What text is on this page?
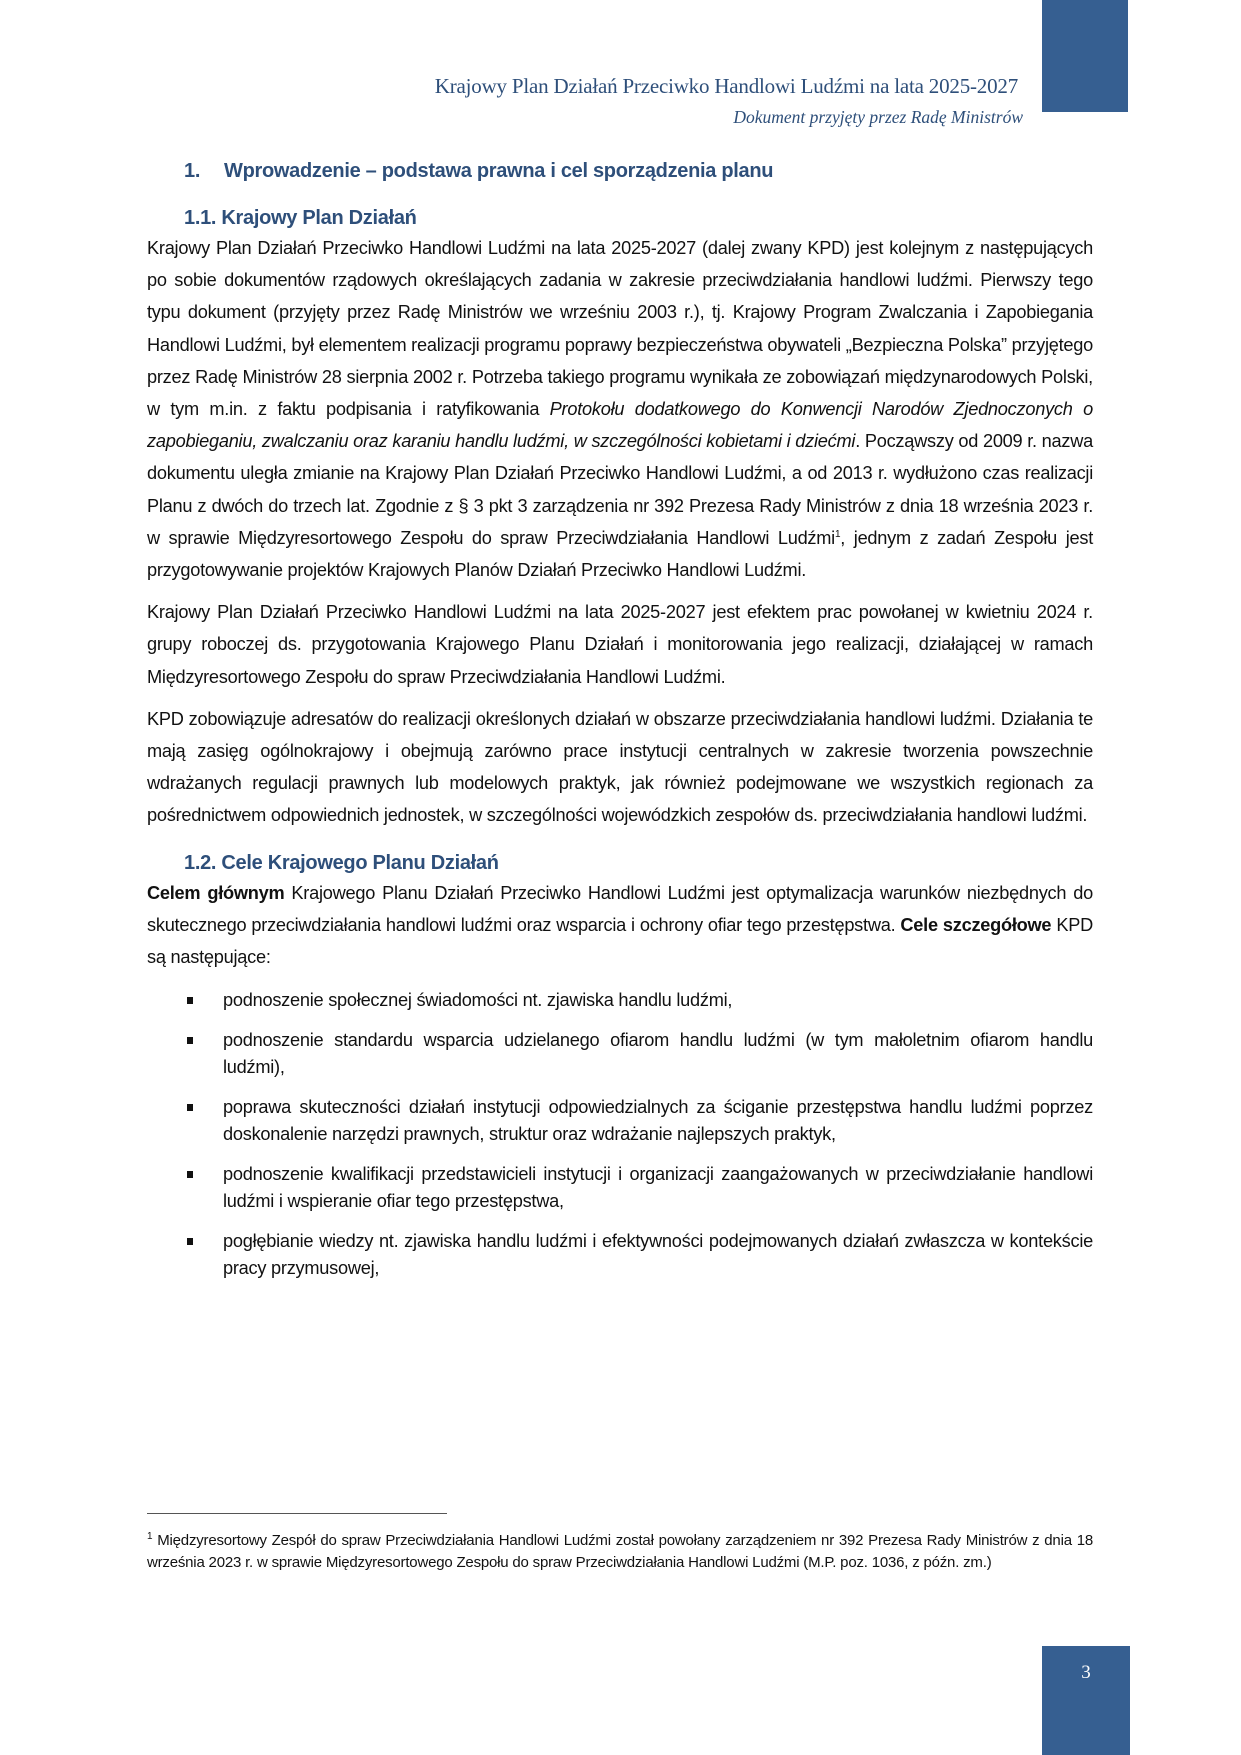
Krajowy Plan Działań Przeciwko Handlowi Ludźmi na lata 2025-2027
Dokument przyjęty przez Radę Ministrów
1. Wprowadzenie – podstawa prawna i cel sporządzenia planu
1.1. Krajowy Plan Działań

Krajowy Plan Działań Przeciwko Handlowi Ludźmi na lata 2025-2027 (dalej zwany KPD) jest kolejnym z następujących po sobie dokumentów rządowych określających zadania w zakresie przeciwdziałania handlowi ludźmi. Pierwszy tego typu dokument (przyjęty przez Radę Ministrów we wrześniu 2003 r.), tj. Krajowy Program Zwalczania i Zapobiegania Handlowi Ludźmi, był elementem realizacji programu poprawy bezpieczeństwa obywateli „Bezpieczna Polska” przyjętego przez Radę Ministrów 28 sierpnia 2002 r. Potrzeba takiego programu wynikała ze zobowiązań międzynarodowych Polski, w tym m.in. z faktu podpisania i ratyfikowania Protokołu dodatkowego do Konwencji Narodów Zjednoczonych o zapobieganiu, zwalczaniu oraz karaniu handlu ludźmi, w szczególności kobietami i dziećmi. Począwszy od 2009 r. nazwa dokumentu uległa zmianie na Krajowy Plan Działań Przeciwko Handlowi Ludźmi, a od 2013 r. wydłużono czas realizacji Planu z dwóch do trzech lat. Zgodnie z § 3 pkt 3 zarządzenia nr 392 Prezesa Rady Ministrów z dnia 18 września 2023 r. w sprawie Międzyresortowego Zespołu do spraw Przeciwdziałania Handlowi Ludźmi$^1$, jednym z zadań Zespołu jest przygotowywanie projektów Krajowych Planów Działań Przeciwko Handlowi Ludźmi.

Krajowy Plan Działań Przeciwko Handlowi Ludźmi na lata 2025-2027 jest efektem prac powołanej w kwietniu 2024 r. grupy roboczej ds. przygotowania Krajowego Planu Działań i monitorowania jego realizacji, działającej w ramach Międzyresortowego Zespołu do spraw Przeciwdziałania Handlowi Ludźmi.

KPD zobowiązuje adresatów do realizacji określonych działań w obszarze przeciwdziałania handlowi ludźmi. Działania te mają zasięg ogólnokrajowy i obejmują zarówno prace instytucji centralnych w zakresie tworzenia powszechnie wdrażanych regulacji prawnych lub modelowych praktyk, jak również podejmowane we wszystkich regionach za pośrednictwem odpowiednich jednostek, w szczególności wojewódzkich zespołów ds. przeciwdziałania handlowi ludźmi.

1.2. Cele Krajowego Planu Działań

Celem głównym Krajowego Planu Działań Przeciwko Handlowi Ludźmi jest optymalizacja warunków niezbędnych do skutecznego przeciwdziałania handlowi ludźmi oraz wsparcia i ochrony ofiar tego przestępstwa. Cele szczegółowe KPD są następujące:

podnoszenie społecznej świadomości nt. zjawiska handlu ludźmi,
podnoszenie standardu wsparcia udzielanego ofiarom handlu ludźmi (w tym małoletnim ofiarom handlu ludźmi),
poprawa skuteczności działań instytucji odpowiedzialnych za ściganie przestępstwa handlu ludźmi poprzez doskonalenie narzędzi prawnych, struktur oraz wdrażanie najlepszych praktyk,
podnoszenie kwalifikacji przedstawicieli instytucji i organizacji zaangażowanych w przeciwdziałanie handlowi ludźmi i wspieranie ofiar tego przestępstwa,
pogłębianie wiedzy nt. zjawiska handlu ludźmi i efektywności podejmowanych działań zwłaszcza w kontekście pracy przymusowej,
$^1$ Międzyresortowy Zespół do spraw Przeciwdziałania Handlowi Ludźmi został powołany zarządzeniem nr 392 Prezesa Rady Ministrów z dnia 18 września 2023 r. w sprawie Międzyresortowego Zespołu do spraw Przeciwdziałania Handlowi Ludźmi (M.P. poz. 1036, z późn. zm.)
3
